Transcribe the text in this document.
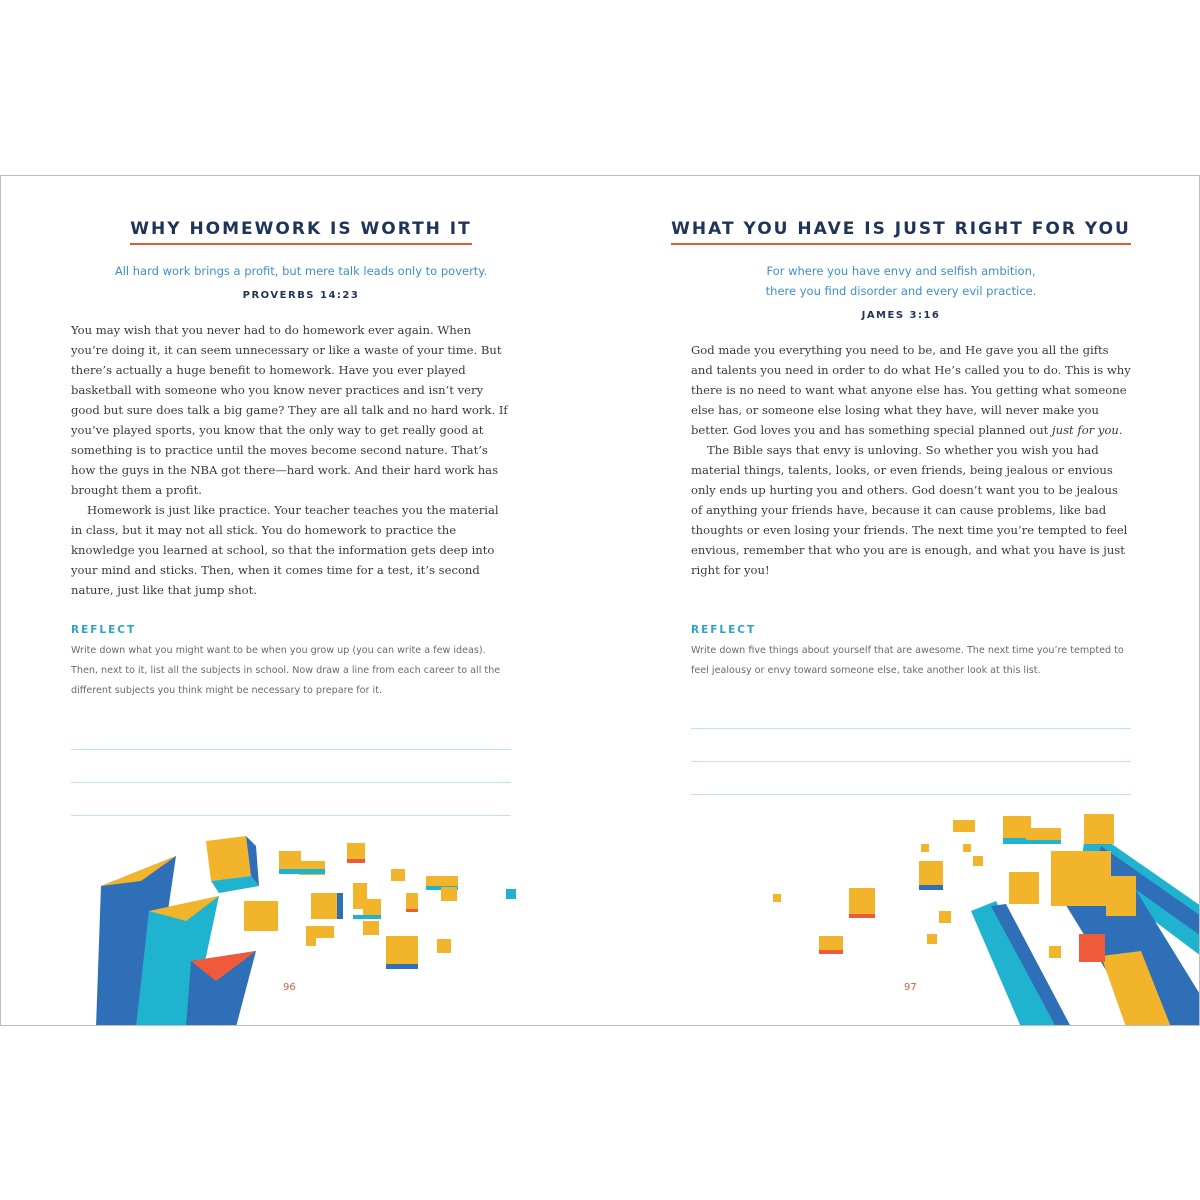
WHY HOMEWORK IS WORTH IT
All hard work brings a profit, but mere talk leads only to poverty.
PROVERBS 14:23

You may wish that you never had to do homework ever again. When you’re doing it, it can seem unnecessary or like a waste of your time. But there’s actually a huge benefit to homework. Have you ever played basketball with someone who you know never practices and isn’t very good but sure does talk a big game? They are all talk and no hard work. If you’ve played sports, you know that the only way to get really good at something is to practice until the moves become second nature. That’s how the guys in the NBA got there—hard work. And their hard work has brought them a profit.

Homework is just like practice. Your teacher teaches you the material in class, but it may not all stick. You do homework to practice the knowledge you learned at school, so that the information gets deep into your mind and sticks. Then, when it comes time for a test, it’s second nature, just like that jump shot.

REFLECT
Write down what you might want to be when you grow up (you can write a few ideas). Then, next to it, list all the subjects in school. Now draw a line from each career to all the different subjects you think might be necessary to prepare for it.
96
WHAT YOU HAVE IS JUST RIGHT FOR YOU
For where you have envy and selfish ambition,
there you find disorder and every evil practice.
JAMES 3:16

God made you everything you need to be, and He gave you all the gifts and talents you need in order to do what He’s called you to do. This is why there is no need to want what anyone else has. You getting what someone else has, or someone else losing what they have, will never make you better. God loves you and has something special planned out just for you.

The Bible says that envy is unloving. So whether you wish you had material things, talents, looks, or even friends, being jealous or envious only ends up hurting you and others. God doesn’t want you to be jealous of anything your friends have, because it can cause problems, like bad thoughts or even losing your friends. The next time you’re tempted to feel envious, remember that who you are is enough, and what you have is just right for you!

REFLECT
Write down five things about yourself that are awesome. The next time you’re tempted to feel jealousy or envy toward someone else, take another look at this list.
97
